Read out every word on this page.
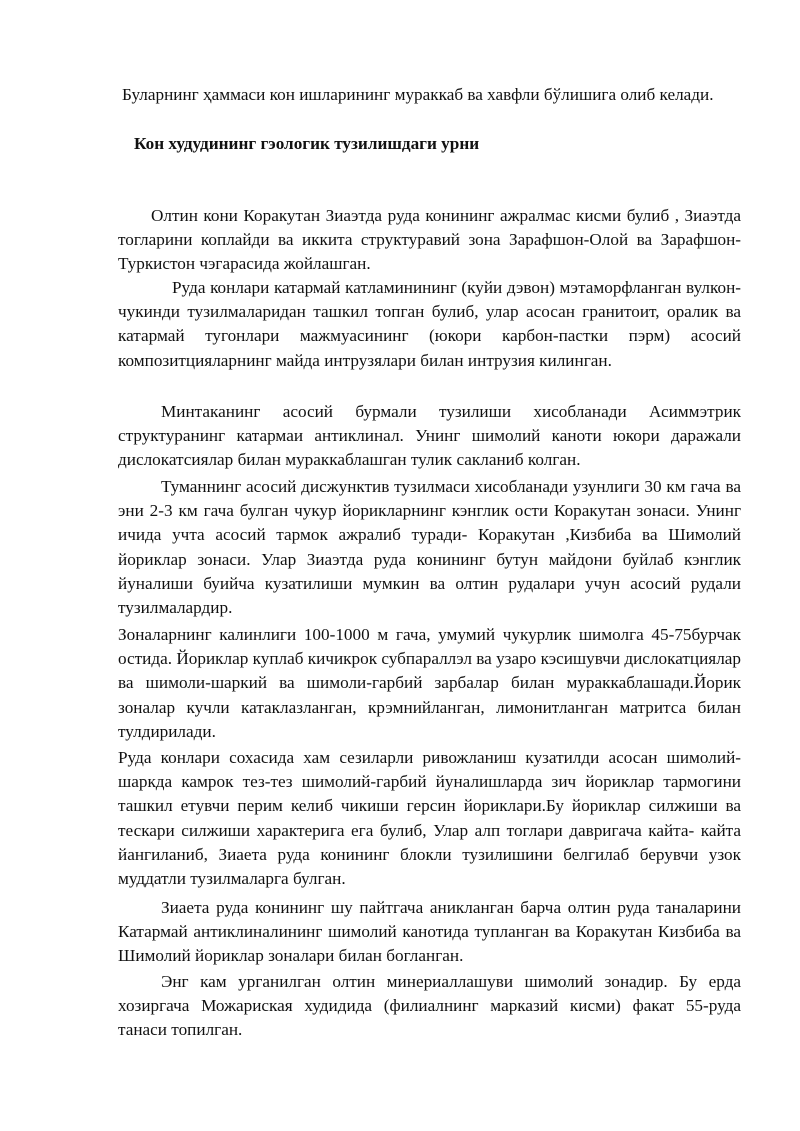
Буларнинг ҳаммаси кон ишларининг мураккаб ва хавфли бўлишига олиб келади.

Кон худудининг гэологик тузилишдаги урни

Олтин кони Коракутан Зиаэтда руда конининг ажралмас кисми булиб , Зиаэтда тогларини коплайди ва иккита структуравий зона Зарафшон-Олой ва Зарафшон-Туркистон чэгарасида жойлашган.

Руда конлари катармай катламинининг (куйи дэвон) мэтаморфланган вулкон-чукинди тузилмаларидан ташкил топган булиб, улар асосан гранитоит, оралик ва катармай тугонлари мажмуасининг (юкори карбон-пастки пэрм) асосий композитцияларнинг майда интрузялари билан интрузия килинган.

Минтаканинг асосий бурмали тузилиши хисобланади Асиммэтрик структуранинг катармаи антиклинал. Унинг шимолий каноти юкори даражали дислокатсиялар билан мураккаблашган тулик сакланиб колган.

Туманнинг асосий дисжунктив тузилмаси хисобланади узунлиги 30 км гача ва эни 2-3 км гача булган чукур йорикларнинг кэнглик ости Коракутан зонаси. Унинг ичида учта асосий тармок ажралиб туради- Коракутан ,Кизбиба ва Шимолий йориклар зонаси. Улар Зиаэтда руда конининг бутун майдони буйлаб кэнглик йуналиши буийча кузатилиши мумкин ва олтин рудалари учун асосий рудали тузилмалардир.

Зоналарнинг калинлиги 100-1000 м гача, умумий чукурлик шимолга 45-75бурчак остида. Йориклар куплаб кичикрок субпараллэл ва узаро кэсишувчи дислокатциялар ва шимоли-шаркий ва шимоли-гарбий зарбалар билан мураккаблашади.Йорик зоналар кучли катаклазланган, крэмнийланган, лимонитланган матритса билан тулдирилади.

Руда конлари сохасида хам сезиларли ривожланиш кузатилди асосан шимолий-шаркда камрок тез-тез шимолий-гарбий йуналишларда зич йориклар тармогини ташкил етувчи перим келиб чикиши герсин йориклари.Бу йориклар силжиши ва тескари силжиши характерига ега булиб, Улар алп тоглари давригача кайта- кайта йангиланиб, Зиаета руда конининг блокли тузилишини белгилаб берувчи узок муддатли тузилмаларга булган.

Зиаета руда конининг шу пайтгача аникланган барча олтин руда таналарини Катармай антиклиналининг шимолий канотида тупланган ва Коракутан Кизбиба ва Шимолий йориклар зоналари билан богланган.

Энг кам урганилган олтин минериаллашуви шимолий зонадир. Бу ерда хозиргача Можариская худидида (филиалнинг марказий кисми) факат 55-руда танаси топилган.
